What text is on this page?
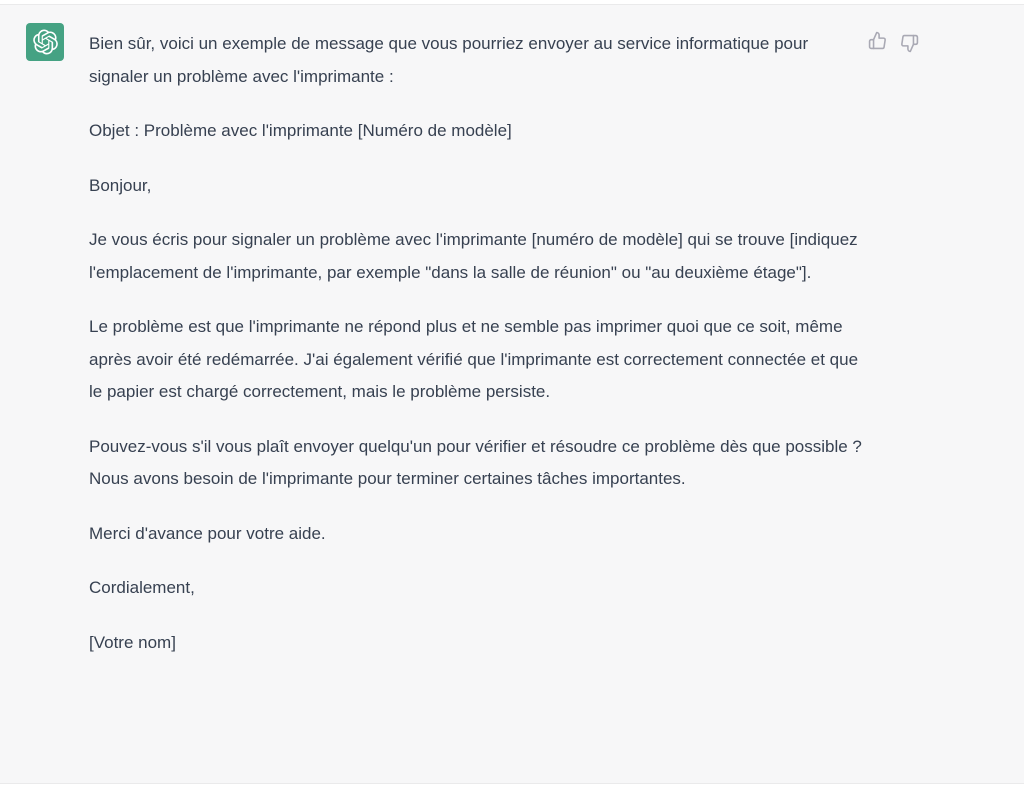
Bien sûr, voici un exemple de message que vous pourriez envoyer au service informatique pour signaler un problème avec l'imprimante :

Objet : Problème avec l'imprimante [Numéro de modèle]

Bonjour,

Je vous écris pour signaler un problème avec l'imprimante [numéro de modèle] qui se trouve [indiquez l'emplacement de l'imprimante, par exemple "dans la salle de réunion" ou "au deuxième étage"].

Le problème est que l'imprimante ne répond plus et ne semble pas imprimer quoi que ce soit, même après avoir été redémarrée. J'ai également vérifié que l'imprimante est correctement connectée et que le papier est chargé correctement, mais le problème persiste.

Pouvez-vous s'il vous plaît envoyer quelqu'un pour vérifier et résoudre ce problème dès que possible ? Nous avons besoin de l'imprimante pour terminer certaines tâches importantes.

Merci d'avance pour votre aide.

Cordialement,

[Votre nom]
